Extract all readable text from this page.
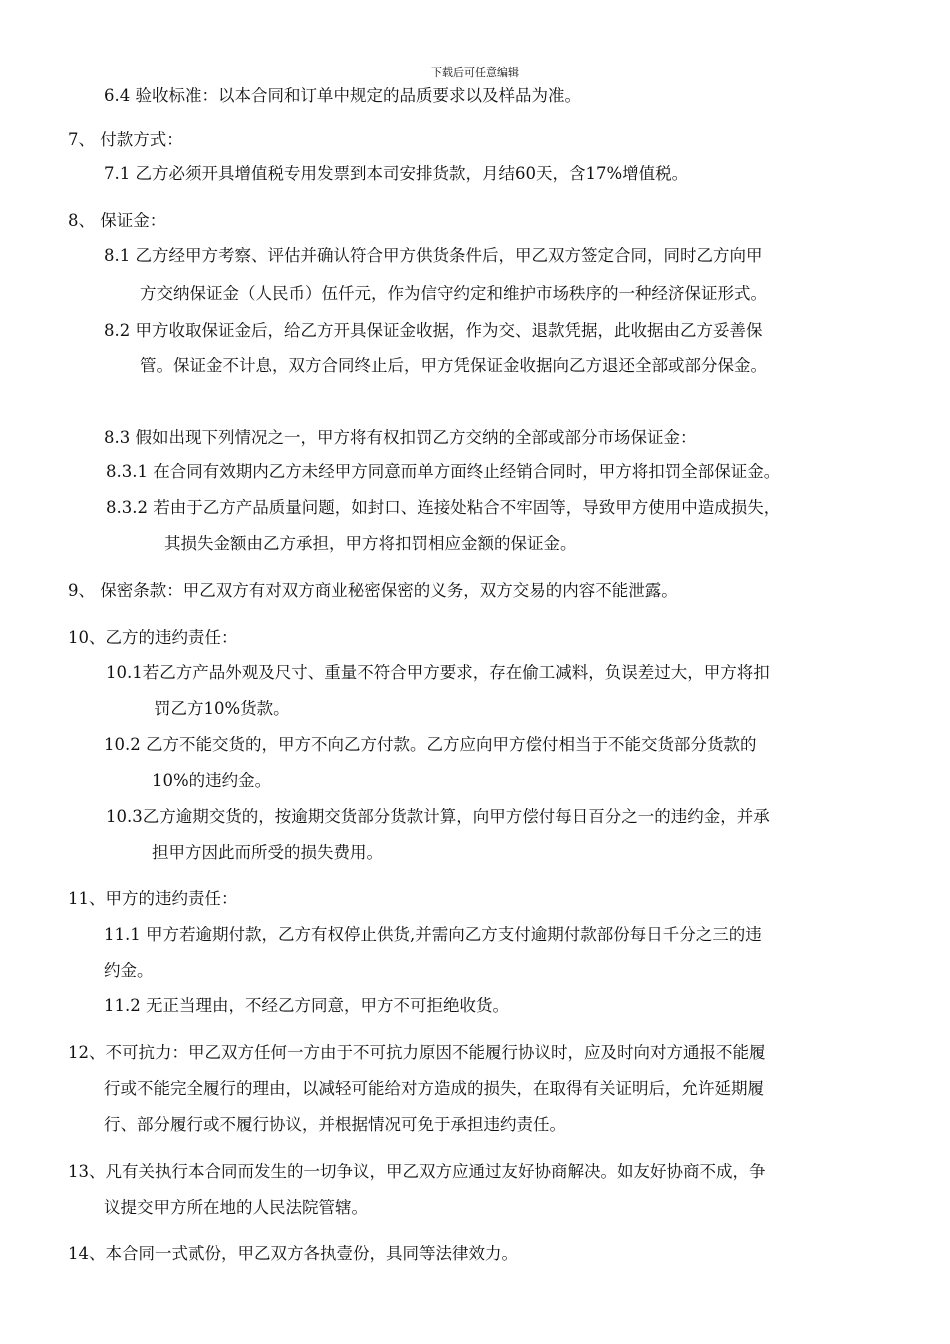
下载后可任意编辑
6.4 验收标准：以本合同和订单中规定的品质要求以及样品为准。
7、 付款方式：
7.1 乙方必须开具增值税专用发票到本司安排货款，月结60天，含17%增值税。
8、 保证金：
8.1 乙方经甲方考察、评估并确认符合甲方供货条件后，甲乙双方签定合同，同时乙方向甲
方交纳保证金（人民币）伍仟元，作为信守约定和维护市场秩序的一种经济保证形式。
8.2 甲方收取保证金后，给乙方开具保证金收据，作为交、退款凭据，此收据由乙方妥善保
管。保证金不计息，双方合同终止后，甲方凭保证金收据向乙方退还全部或部分保金。
8.3 假如出现下列情况之一，甲方将有权扣罚乙方交纳的全部或部分市场保证金：
8.3.1 在合同有效期内乙方未经甲方同意而单方面终止经销合同时，甲方将扣罚全部保证金。
8.3.2 若由于乙方产品质量问题，如封口、连接处粘合不牢固等，导致甲方使用中造成损失，
其损失金额由乙方承担，甲方将扣罚相应金额的保证金。
9、 保密条款：甲乙双方有对双方商业秘密保密的义务，双方交易的内容不能泄露。
10、乙方的违约责任：
10.1若乙方产品外观及尺寸、重量不符合甲方要求，存在偷工减料，负误差过大，甲方将扣
罚乙方10%货款。
10.2 乙方不能交货的，甲方不向乙方付款。乙方应向甲方偿付相当于不能交货部分货款的
10%的违约金。
10.3乙方逾期交货的，按逾期交货部分货款计算，向甲方偿付每日百分之一的违约金，并承
担甲方因此而所受的损失费用。
11、甲方的违约责任：
11.1 甲方若逾期付款，乙方有权停止供货,并需向乙方支付逾期付款部份每日千分之三的违
约金。
11.2 无正当理由，不经乙方同意，甲方不可拒绝收货。
12、不可抗力：甲乙双方任何一方由于不可抗力原因不能履行协议时，应及时向对方通报不能履
行或不能完全履行的理由，以减轻可能给对方造成的损失，在取得有关证明后，允许延期履
行、部分履行或不履行协议，并根据情况可免于承担违约责任。
13、凡有关执行本合同而发生的一切争议，甲乙双方应通过友好协商解决。如友好协商不成，争
议提交甲方所在地的人民法院管辖。
14、本合同一式贰份，甲乙双方各执壹份，具同等法律效力。
